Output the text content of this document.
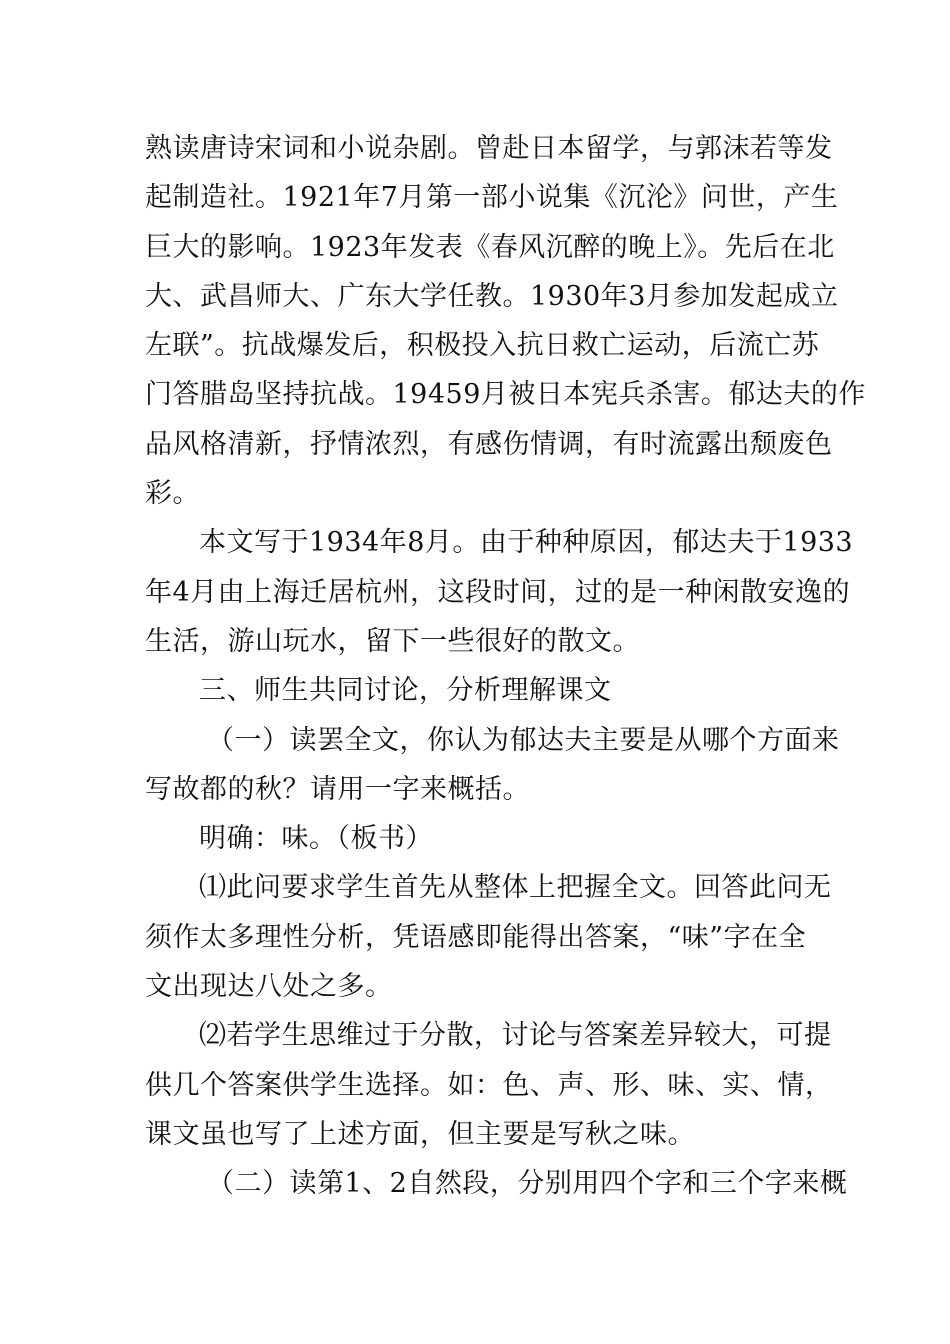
熟读唐诗宋词和小说杂剧。曾赴日本留学，与郭沫若等发
起制造社。1921年7月第一部小说集《沉沦》问世，产生
巨大的影响。1923年发表《春风沉醉的晚上》。先后在北
大、武昌师大、广东大学任教。1930年3月参加发起成立
左联”。抗战爆发后，积极投入抗日救亡运动，后流亡苏
门答腊岛坚持抗战。19459月被日本宪兵杀害。郁达夫的作
品风格清新，抒情浓烈，有感伤情调，有时流露出颓废色
彩。
本文写于1934年8月。由于种种原因，郁达夫于1933
年4月由上海迁居杭州，这段时间，过的是一种闲散安逸的
生活，游山玩水，留下一些很好的散文。
三、师生共同讨论，分析理解课文
（一）读罢全文，你认为郁达夫主要是从哪个方面来
写故都的秋？请用一字来概括。
明确：味。（板书）
⑴此问要求学生首先从整体上把握全文。回答此问无
须作太多理性分析，凭语感即能得出答案，“味”字在全
文出现达八处之多。
⑵若学生思维过于分散，讨论与答案差异较大，可提
供几个答案供学生选择。如：色、声、形、味、实、情，
课文虽也写了上述方面，但主要是写秋之味。
（二）读第1、2自然段，分别用四个字和三个字来概
